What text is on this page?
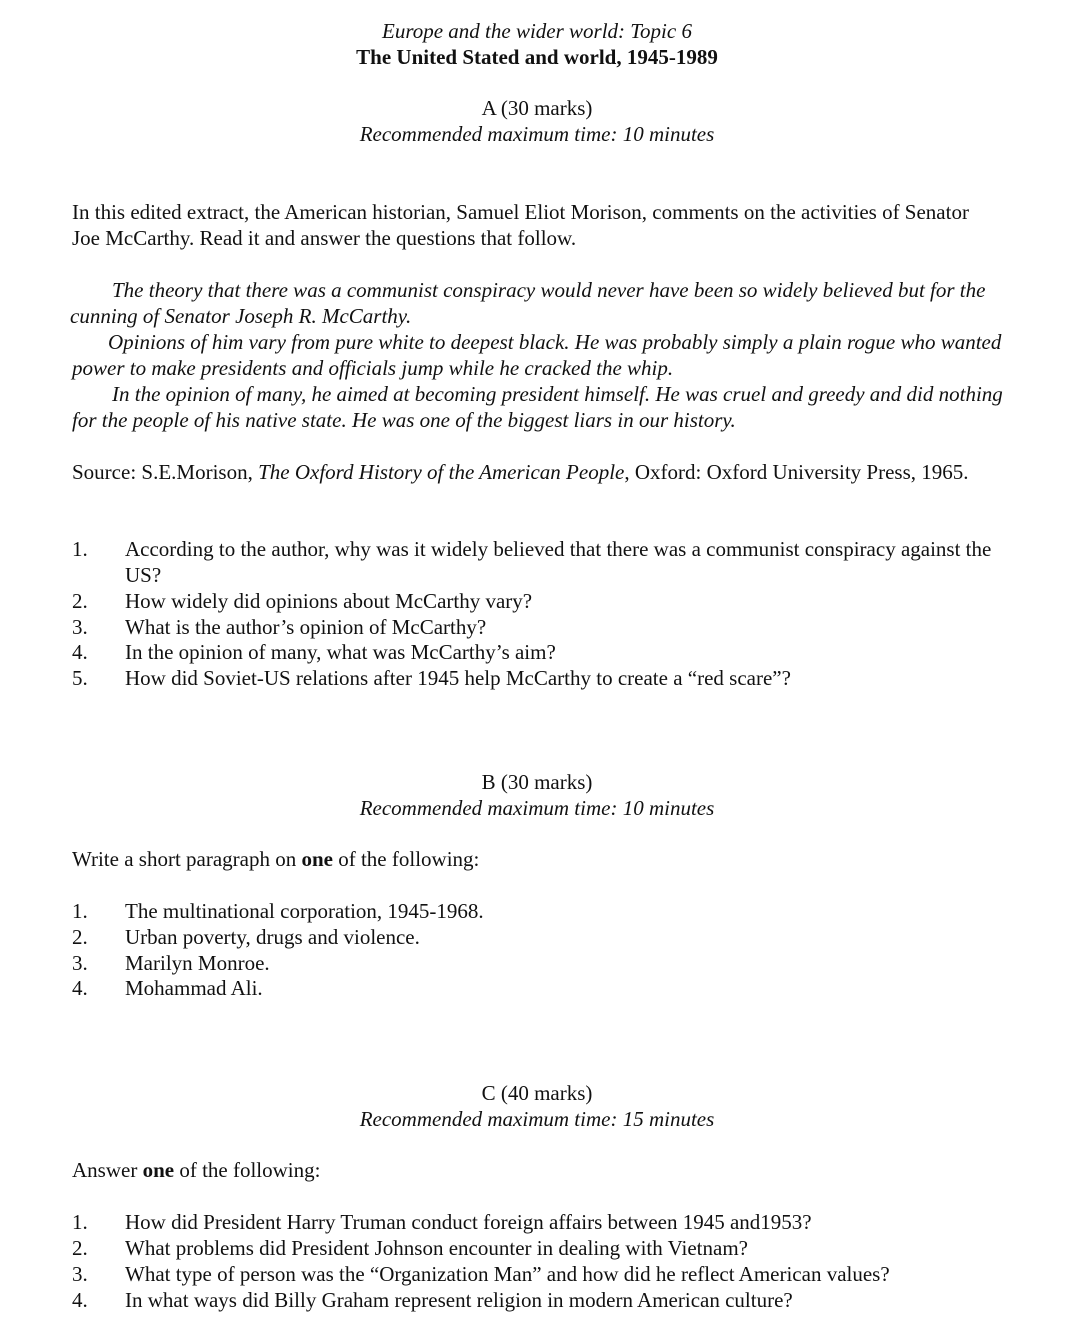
Europe and the wider world: Topic 6
The United Stated and world, 1945-1989
A (30 marks)
Recommended maximum time: 10 minutes
In this edited extract, the American historian, Samuel Eliot Morison, comments on the activities of Senator Joe McCarthy. Read it and answer the questions that follow.
The theory that there was a communist conspiracy would never have been so widely believed but for the cunning of Senator Joseph R. McCarthy.
Opinions of him vary from pure white to deepest black. He was probably simply a plain rogue who wanted power to make presidents and officials jump while he cracked the whip.
In the opinion of many, he aimed at becoming president himself. He was cruel and greedy and did nothing for the people of his native state. He was one of the biggest liars in our history.
Source: S.E.Morison, The Oxford History of the American People, Oxford: Oxford University Press, 1965.
1.	According to the author, why was it widely believed that there was a communist conspiracy against the US?
2.	How widely did opinions about McCarthy vary?
3.	What is the author’s opinion of McCarthy?
4.	In the opinion of many, what was McCarthy’s aim?
5.	How did Soviet-US relations after 1945 help McCarthy to create a “red scare”?
B (30 marks)
Recommended maximum time: 10 minutes
Write a short paragraph on one of the following:
1.	The multinational corporation, 1945-1968.
2.	Urban poverty, drugs and violence.
3.	Marilyn Monroe.
4.	Mohammad Ali.
C (40 marks)
Recommended maximum time: 15 minutes
Answer one of the following:
1.	How did President Harry Truman conduct foreign affairs between 1945 and1953?
2.	What problems did President Johnson encounter in dealing with Vietnam?
3.	What type of person was the “Organization Man” and how did he reflect American values?
4.	In what ways did Billy Graham represent religion in modern American culture?
